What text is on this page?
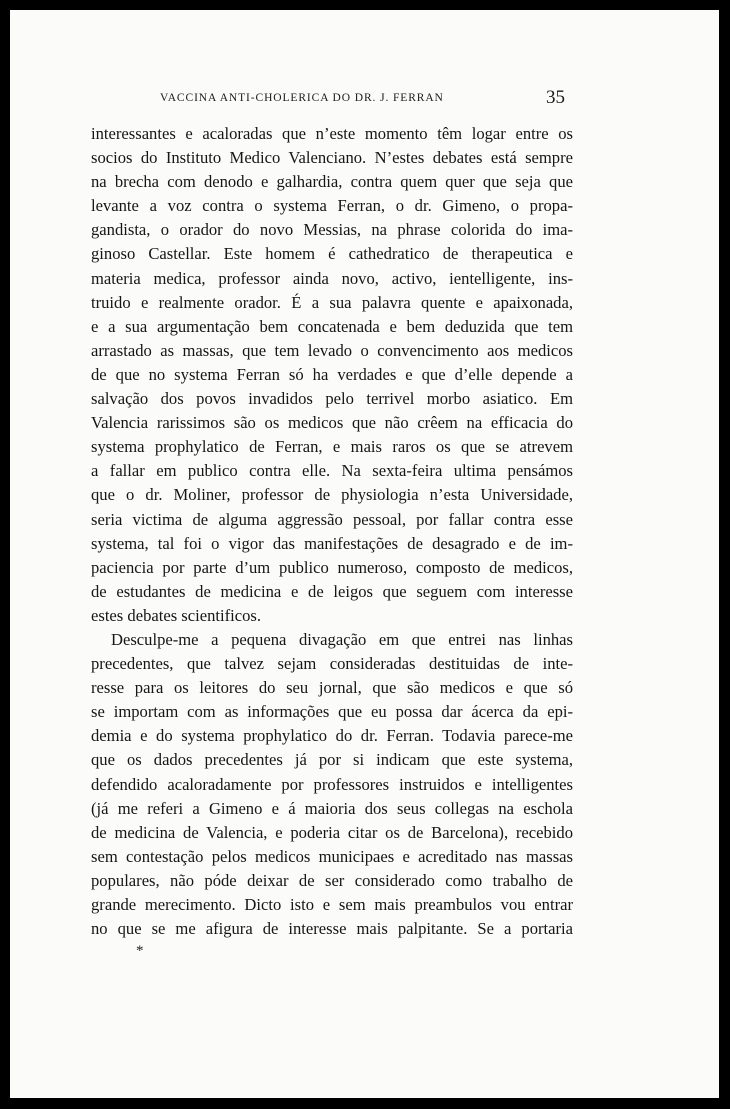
VACCINA ANTI-CHOLERICA DO DR. J. FERRAN	35

interessantes e acaloradas que n’este momento têm logar entre os
socios do Instituto Medico Valenciano. N’estes debates está sempre
na brecha com denodo e galhardia, contra quem quer que seja que
levante a voz contra o systema Ferran, o dr. Gimeno, o propa-
gandista, o orador do novo Messias, na phrase colorida do ima-
ginoso Castellar. Este homem é cathedratico de therapeutica e
materia medica, professor ainda novo, activo, ientelligente, ins-
truido e realmente orador. É a sua palavra quente e apaixonada,
e a sua argumentação bem concatenada e bem deduzida que tem
arrastado as massas, que tem levado o convencimento aos medicos
de que no systema Ferran só ha verdades e que d’elle depende a
salvação dos povos invadidos pelo terrivel morbo asiatico. Em
Valencia rarissimos são os medicos que não crêem na efficacia do
systema prophylatico de Ferran, e mais raros os que se atrevem
a fallar em publico contra elle. Na sexta-feira ultima pensámos
que o dr. Moliner, professor de physiologia n’esta Universidade,
seria victima de alguma aggressão pessoal, por fallar contra esse
systema, tal foi o vigor das manifestações de desagrado e de im-
paciencia por parte d’um publico numeroso, composto de medicos,
de estudantes de medicina e de leigos que seguem com interesse
estes debates scientificos.

Desculpe-me a pequena divagação em que entrei nas linhas
precedentes, que talvez sejam consideradas destituidas de inte-
resse para os leitores do seu jornal, que são medicos e que só
se importam com as informações que eu possa dar ácerca da epi-
demia e do systema prophylatico do dr. Ferran. Todavia parece-me
que os dados precedentes já por si indicam que este systema,
defendido acaloradamente por professores instruidos e intelligentes
(já me referi a Gimeno e á maioria dos seus collegas na eschola
de medicina de Valencia, e poderia citar os de Barcelona), recebido
sem contestação pelos medicos municipaes e acreditado nas massas
populares, não póde deixar de ser considerado como trabalho de
grande merecimento. Dicto isto e sem mais preambulos vou entrar
no que se me afigura de interesse mais palpitante. Se a portaria

*
